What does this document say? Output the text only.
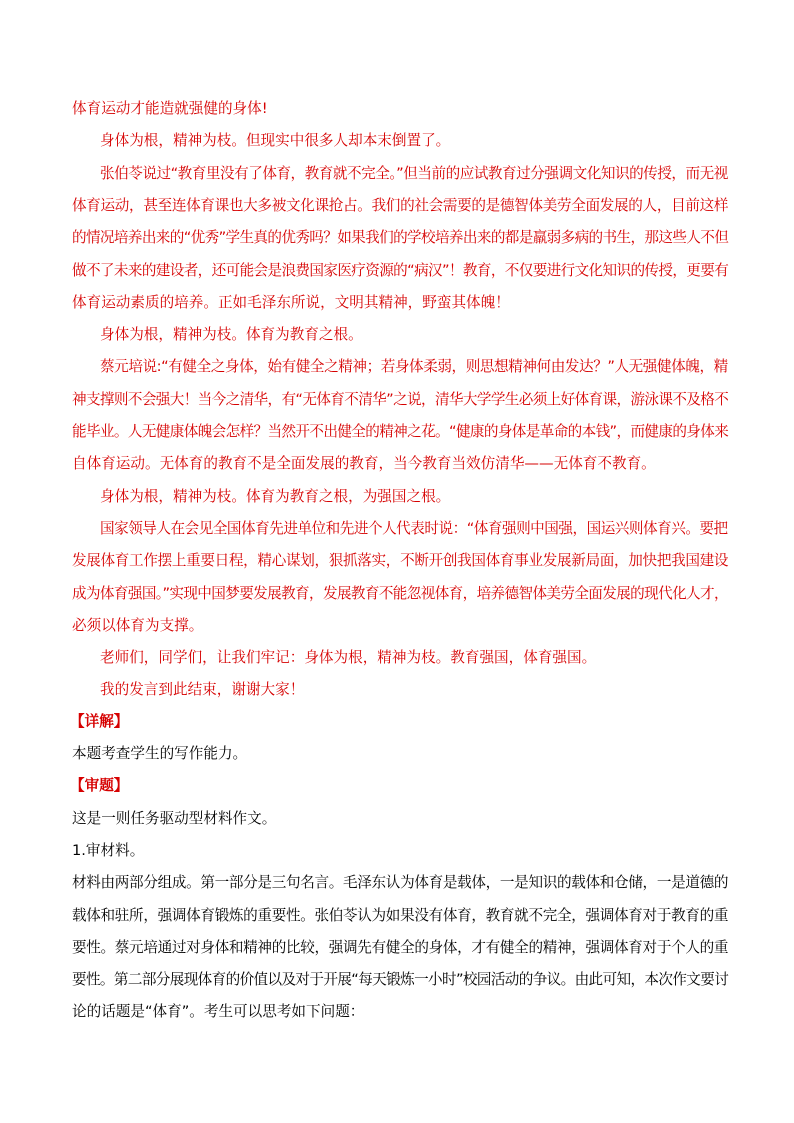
体育运动才能造就强健的身体!
身体为根，精神为枝。但现实中很多人却本末倒置了。
张伯苓说过“教育里没有了体育，教育就不完全。”但当前的应试教育过分强调文化知识的传授，而无视
体育运动，甚至连体育课也大多被文化课抢占。我们的社会需要的是德智体美劳全面发展的人，目前这样
的情况培养出来的“优秀”学生真的优秀吗？如果我们的学校培养出来的都是羸弱多病的书生，那这些人不但
做不了未来的建设者，还可能会是浪费国家医疗资源的“病汉”！教育，不仅要进行文化知识的传授，更要有
体育运动素质的培养。正如毛泽东所说，文明其精神，野蛮其体魄！
身体为根，精神为枝。体育为教育之根。
蔡元培说:“有健全之身体，始有健全之精神；若身体柔弱，则思想精神何由发达？”人无强健体魄，精
神支撑则不会强大！当今之清华，有“无体育不清华”之说，清华大学学生必须上好体育课，游泳课不及格不
能毕业。人无健康体魄会怎样？当然开不出健全的精神之花。“健康的身体是革命的本钱”，而健康的身体来
自体育运动。无体育的教育不是全面发展的教育，当今教育当效仿清华——无体育不教育。
身体为根，精神为枝。体育为教育之根，为强国之根。
国家领导人在会见全国体育先进单位和先进个人代表时说：“体育强则中国强，国运兴则体育兴。要把
发展体育工作摆上重要日程，精心谋划，狠抓落实，不断开创我国体育事业发展新局面，加快把我国建设
成为体育强国。”实现中国梦要发展教育，发展教育不能忽视体育，培养德智体美劳全面发展的现代化人才，
必须以体育为支撑。
老师们，同学们，让我们牢记：身体为根，精神为枝。教育强国，体育强国。
我的发言到此结束，谢谢大家！
【详解】
本题考查学生的写作能力。
【审题】
这是一则任务驱动型材料作文。
1.审材料。
材料由两部分组成。第一部分是三句名言。毛泽东认为体育是载体，一是知识的载体和仓储，一是道德的
载体和驻所，强调体育锻炼的重要性。张伯苓认为如果没有体育，教育就不完全，强调体育对于教育的重
要性。蔡元培通过对身体和精神的比较，强调先有健全的身体，才有健全的精神，强调体育对于个人的重
要性。第二部分展现体育的价值以及对于开展“每天锻炼一小时”校园活动的争议。由此可知，本次作文要讨
论的话题是“体育”。考生可以思考如下问题：
